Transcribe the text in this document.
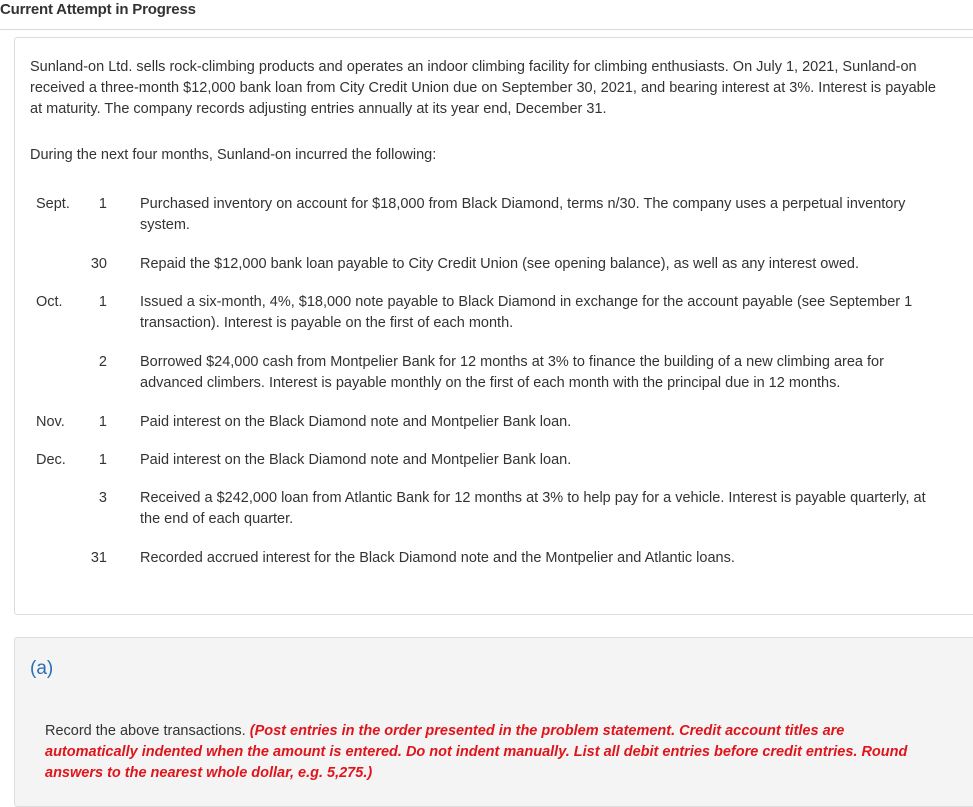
Current Attempt in Progress

Sunland-on Ltd. sells rock-climbing products and operates an indoor climbing facility for climbing enthusiasts. On July 1, 2021, Sunland-on received a three-month $12,000 bank loan from City Credit Union due on September 30, 2021, and bearing interest at 3%. Interest is payable at maturity. The company records adjusting entries annually at its year end, December 31.

During the next four months, Sunland-on incurred the following:

Sept.	1 Purchased inventory on account for $18,000 from Black Diamond, terms n/30. The company uses a perpetual inventory system.
30 Repaid the $12,000 bank loan payable to City Credit Union (see opening balance), as well as any interest owed.
Oct.	1 Issued a six-month, 4%, $18,000 note payable to Black Diamond in exchange for the account payable (see September 1 transaction). Interest is payable on the first of each month.
2 Borrowed $24,000 cash from Montpelier Bank for 12 months at 3% to finance the building of a new climbing area for advanced climbers. Interest is payable monthly on the first of each month with the principal due in 12 months.
Nov.	1 Paid interest on the Black Diamond note and Montpelier Bank loan.
Dec.	1 Paid interest on the Black Diamond note and Montpelier Bank loan.
3 Received a $242,000 loan from Atlantic Bank for 12 months at 3% to help pay for a vehicle. Interest is payable quarterly, at the end of each quarter.
31 Recorded accrued interest for the Black Diamond note and the Montpelier and Atlantic loans.
(a)

Record the above transactions. (Post entries in the order presented in the problem statement. Credit account titles are automatically indented when the amount is entered. Do not indent manually. List all debit entries before credit entries. Round answers to the nearest whole dollar, e.g. 5,275.)
